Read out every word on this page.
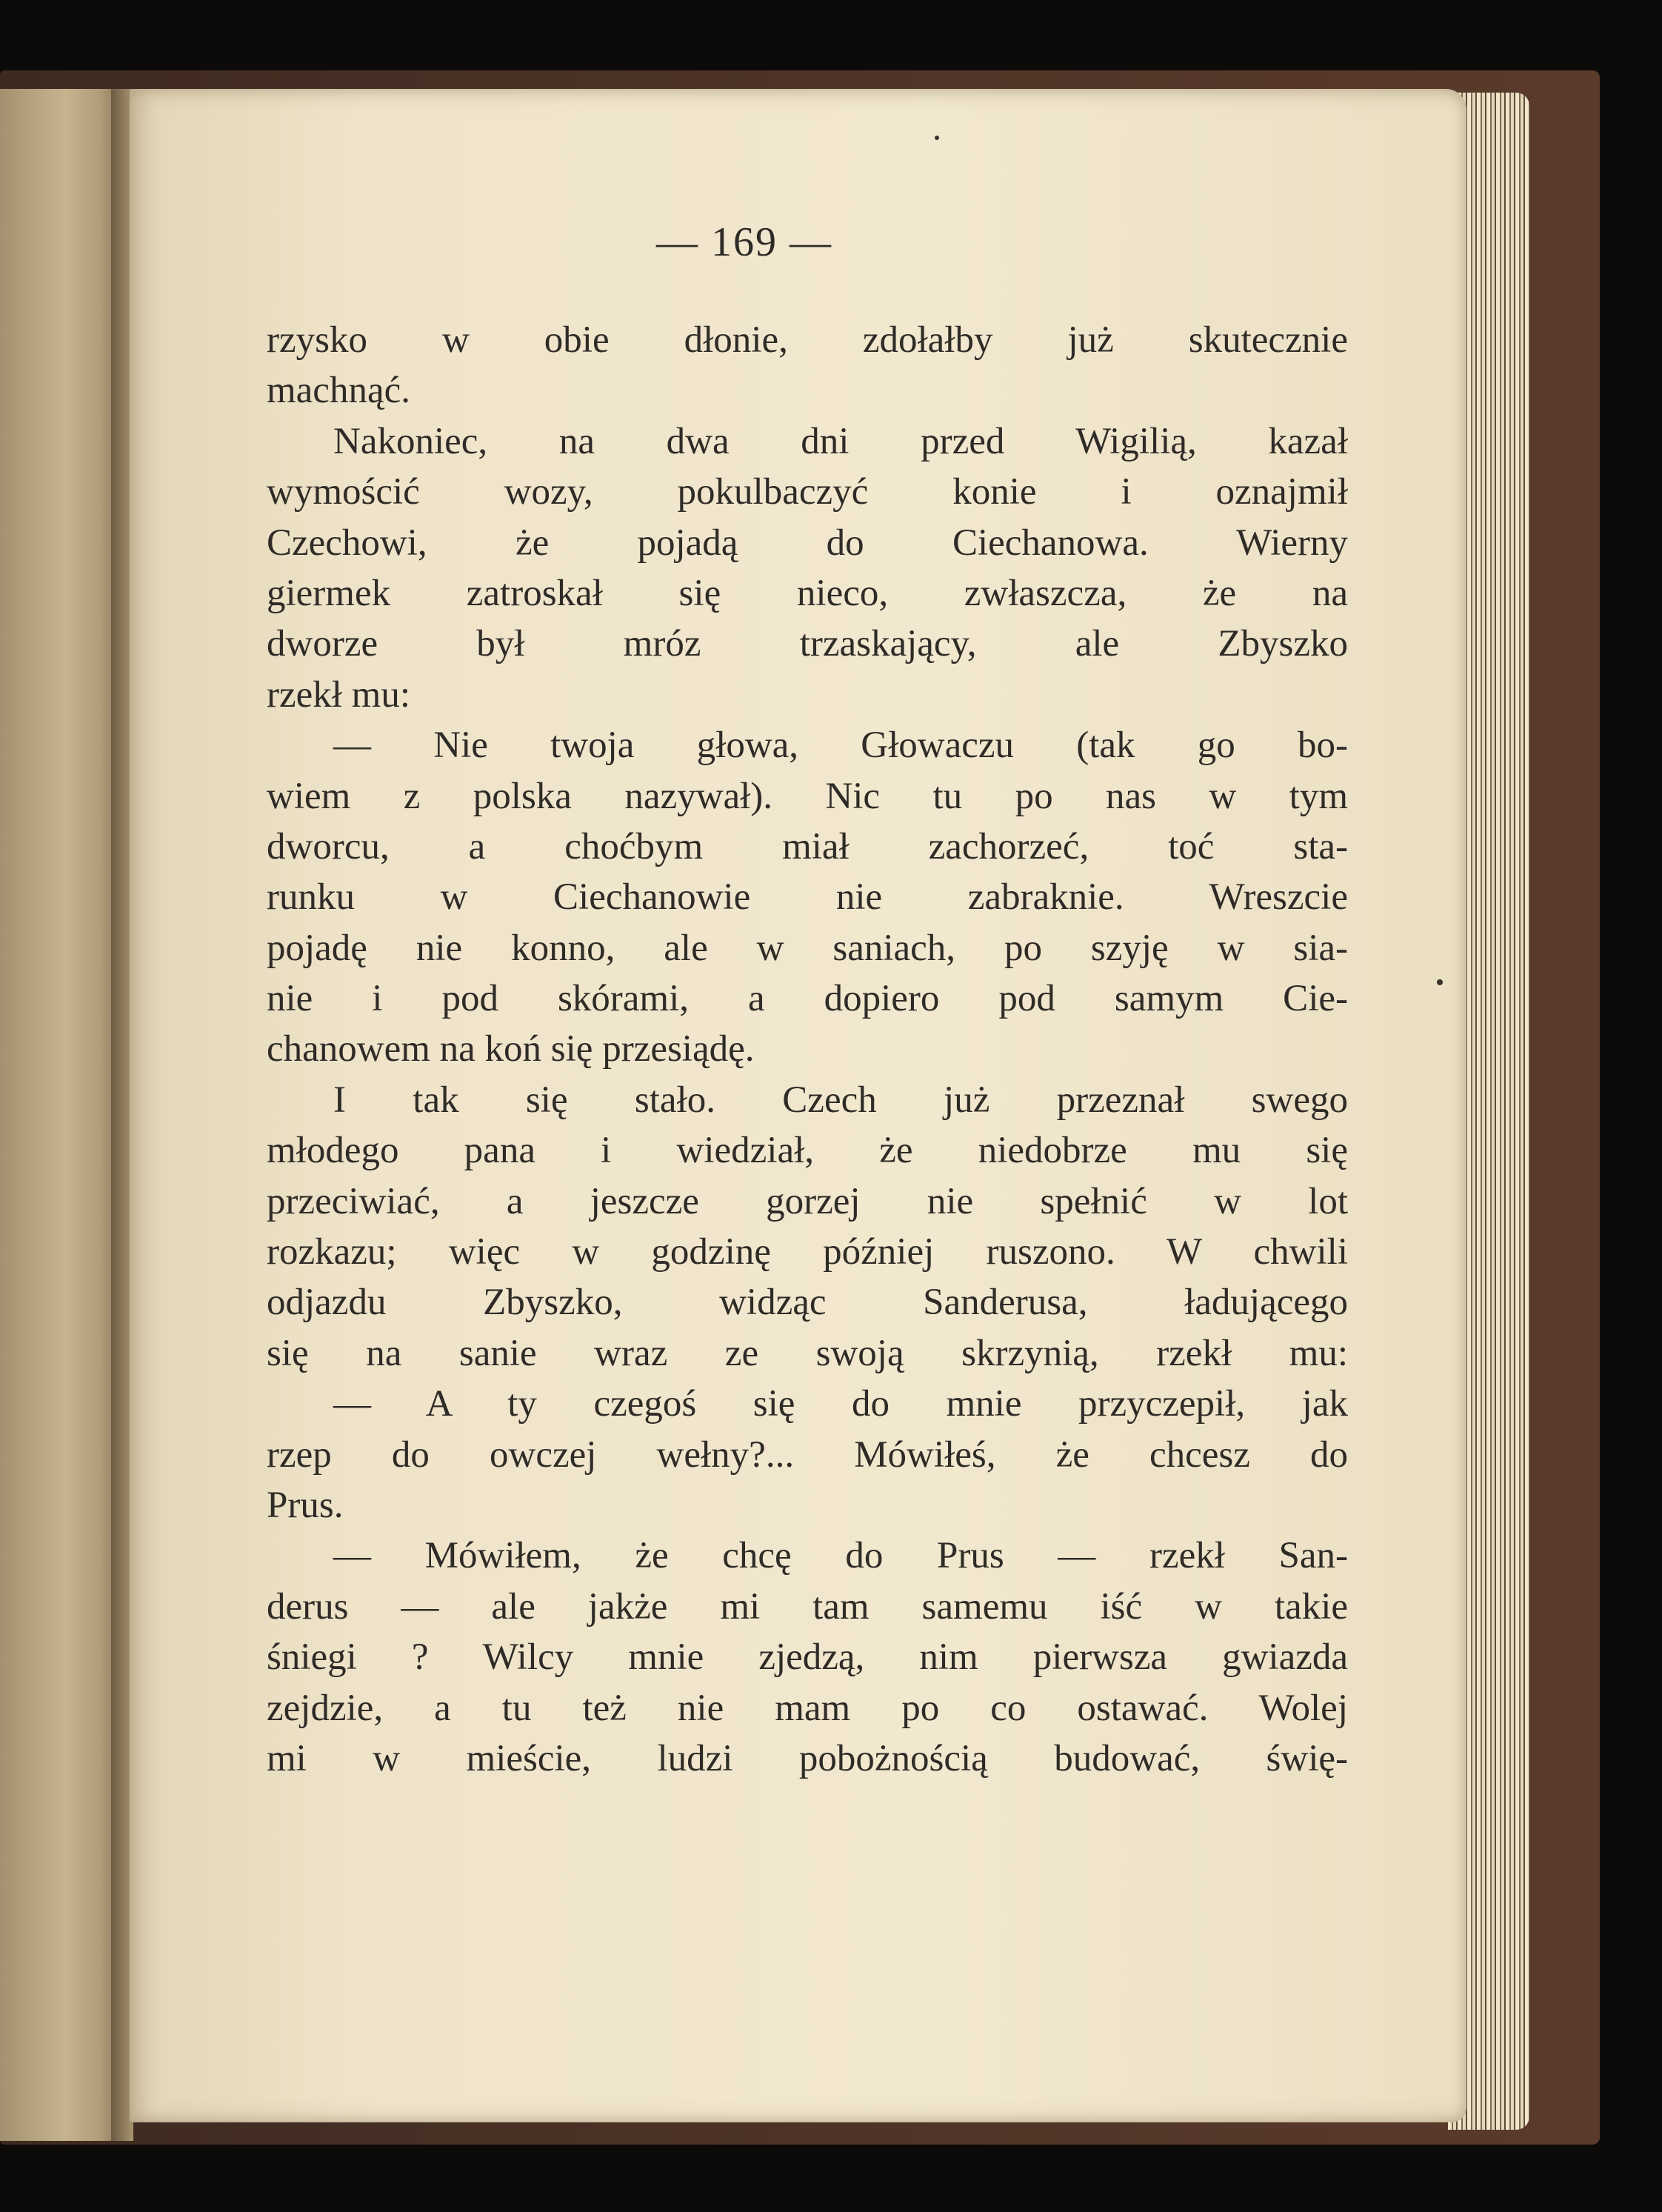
— 169 —
rzysko w obie dłonie, zdołałby już skutecznie
machnąć.
Nakoniec, na dwa dni przed Wigilią, kazał
wymościć wozy, pokulbaczyć konie i oznajmił
Czechowi, że pojadą do Ciechanowa. Wierny
giermek zatroskał się nieco, zwłaszcza, że na
dworze był mróz trzaskający, ale Zbyszko
rzekł mu:
— Nie twoja głowa, Głowaczu (tak go bo-
wiem z polska nazywał). Nic tu po nas w tym
dworcu, a choćbym miał zachorzeć, toć sta-
runku w Ciechanowie nie zabraknie. Wreszcie
pojadę nie konno, ale w saniach, po szyję w sia-
nie i pod skórami, a dopiero pod samym Cie-
chanowem na koń się przesiądę.
I tak się stało. Czech już przeznał swego
młodego pana i wiedział, że niedobrze mu się
przeciwiać, a jeszcze gorzej nie spełnić w lot
rozkazu; więc w godzinę później ruszono. W chwili
odjazdu Zbyszko, widząc Sanderusa, ładującego
się na sanie wraz ze swoją skrzynią, rzekł mu:
— A ty czegoś się do mnie przyczepił, jak
rzep do owczej wełny?... Mówiłeś, że chcesz do
Prus.
— Mówiłem, że chcę do Prus — rzekł San-
derus — ale jakże mi tam samemu iść w takie
śniegi ? Wilcy mnie zjedzą, nim pierwsza gwiazda
zejdzie, a tu też nie mam po co ostawać. Wolej
mi w mieście, ludzi pobożnością budować, świę-
